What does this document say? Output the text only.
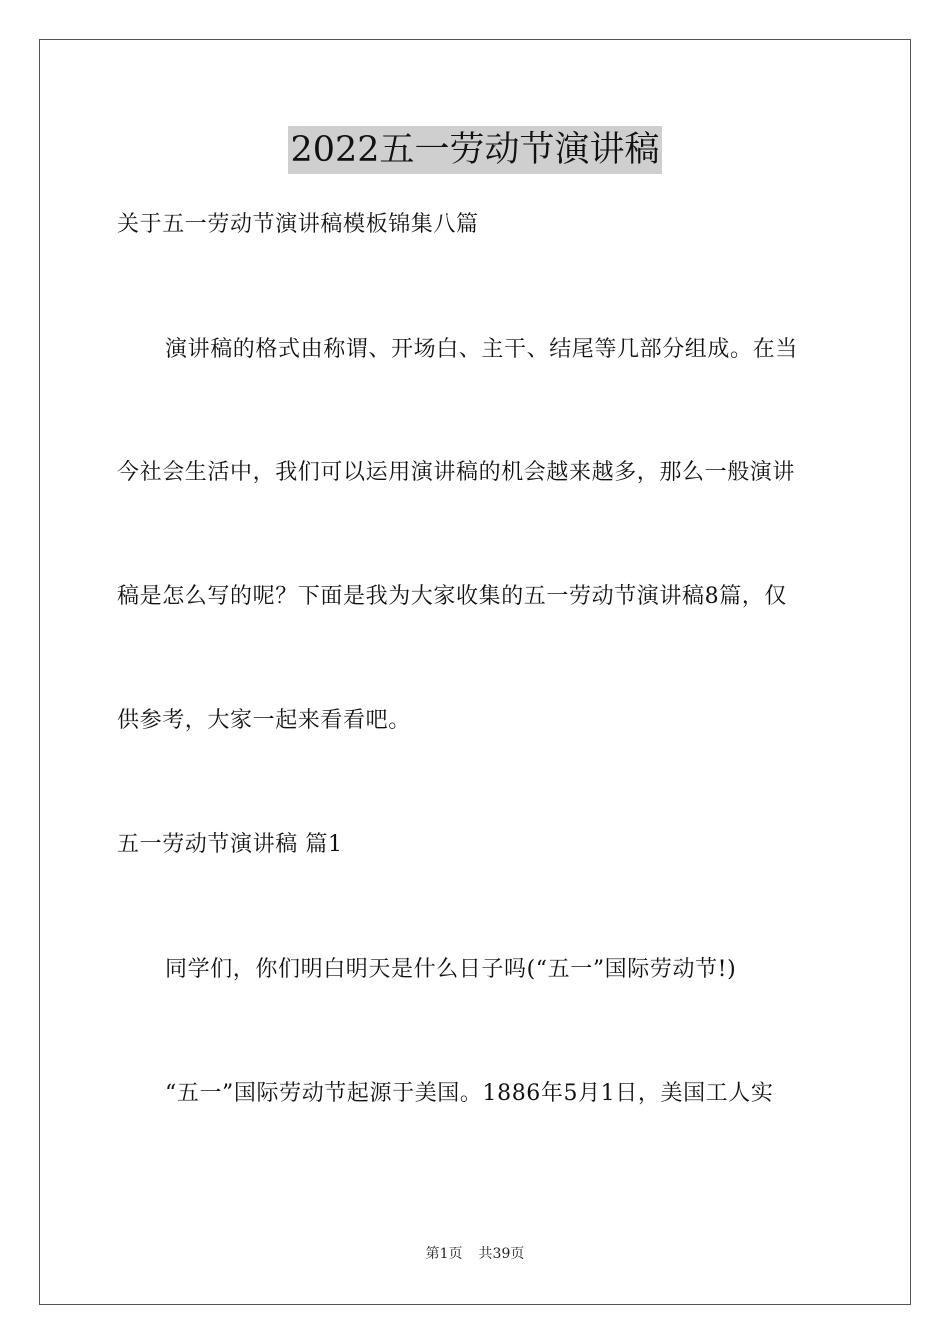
2022五一劳动节演讲稿
关于五一劳动节演讲稿模板锦集八篇
演讲稿的格式由称谓、开场白、主干、结尾等几部分组成。在当
今社会生活中，我们可以运用演讲稿的机会越来越多，那么一般演讲
稿是怎么写的呢？下面是我为大家收集的五一劳动节演讲稿8篇，仅
供参考，大家一起来看看吧。
五一劳动节演讲稿 篇1
同学们，你们明白明天是什么日子吗(“五一”国际劳动节!)
“五一”国际劳动节起源于美国。1886年5月1日，美国工人实
第1页 共39页
